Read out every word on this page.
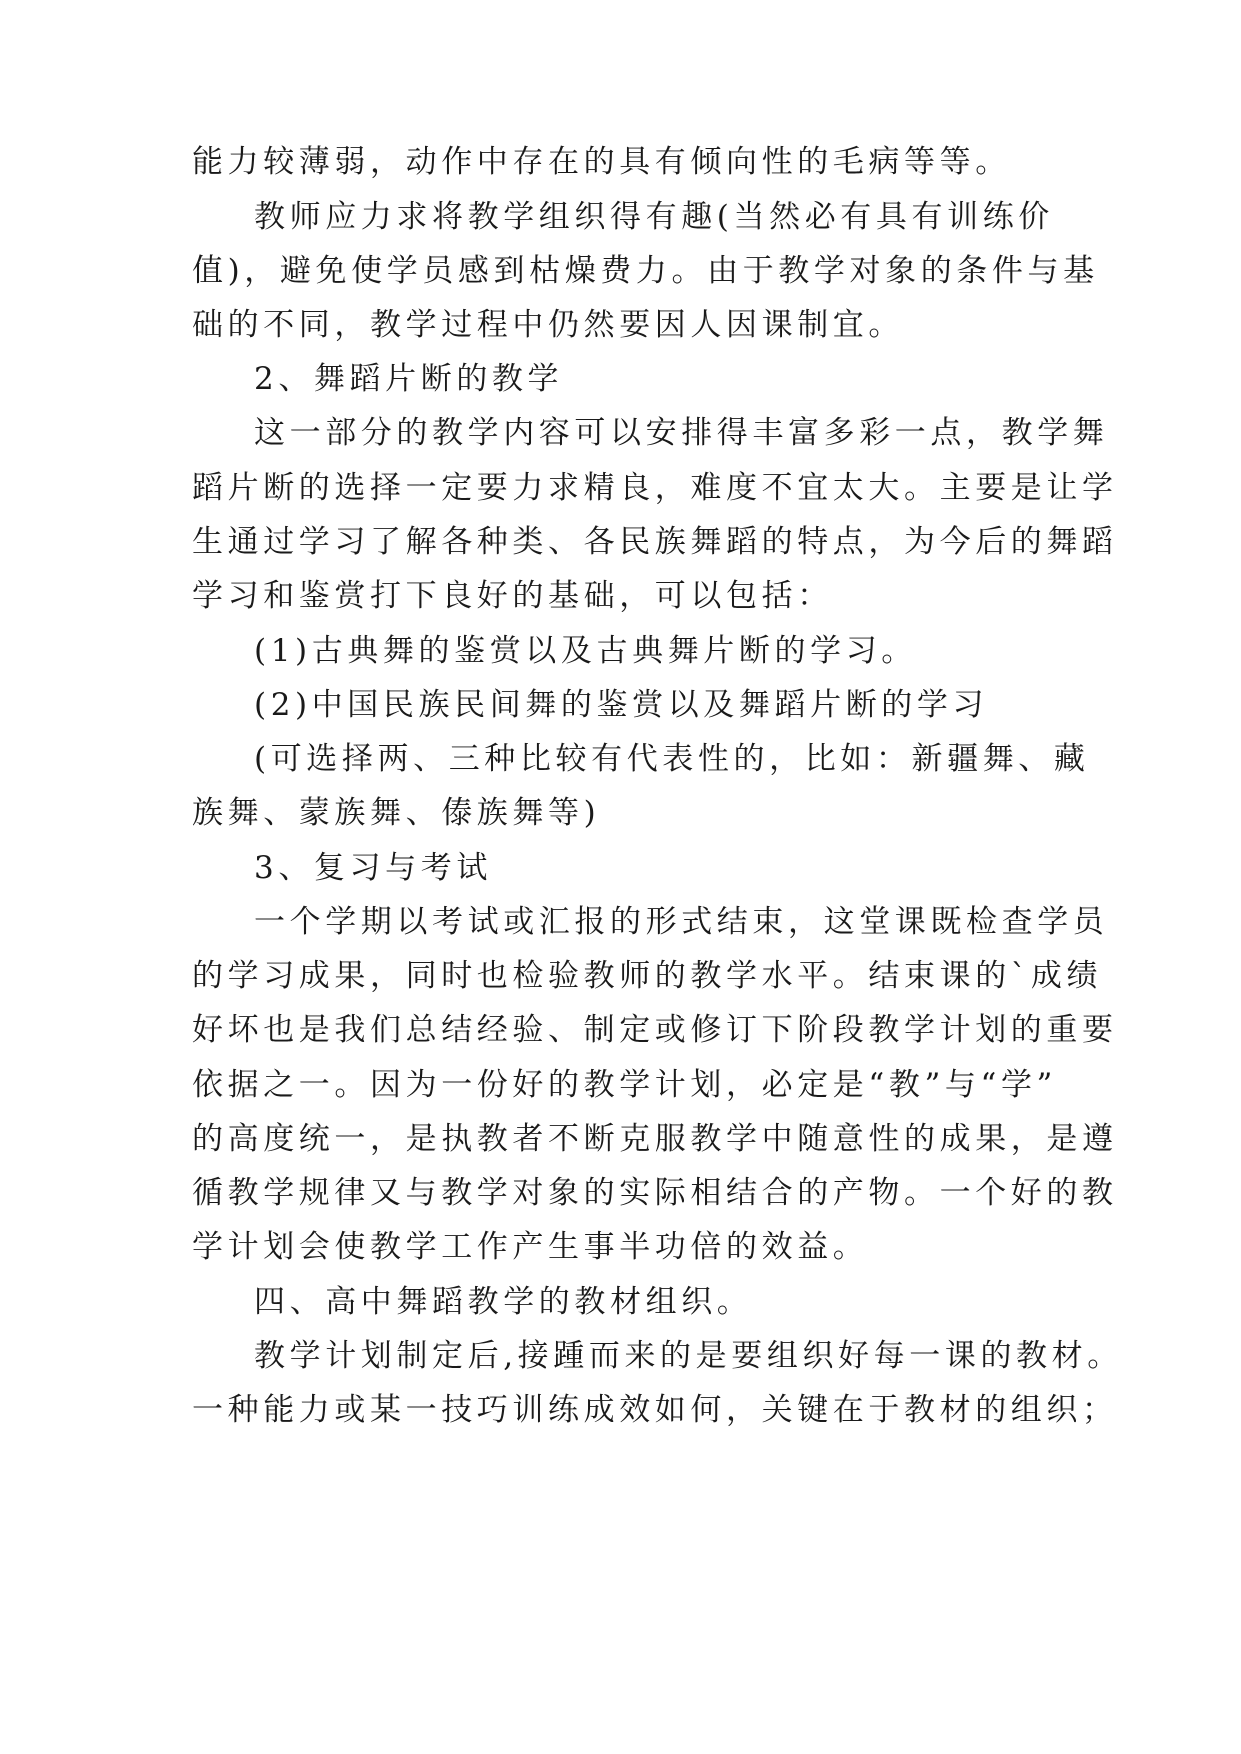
能力较薄弱，动作中存在的具有倾向性的毛病等等。
教师应力求将教学组织得有趣(当然必有具有训练价
值)，避免使学员感到枯燥费力。由于教学对象的条件与基
础的不同，教学过程中仍然要因人因课制宜。
2、舞蹈片断的教学
这一部分的教学内容可以安排得丰富多彩一点，教学舞
蹈片断的选择一定要力求精良，难度不宜太大。主要是让学
生通过学习了解各种类、各民族舞蹈的特点，为今后的舞蹈
学习和鉴赏打下良好的基础，可以包括：
(1)古典舞的鉴赏以及古典舞片断的学习。
(2)中国民族民间舞的鉴赏以及舞蹈片断的学习
(可选择两、三种比较有代表性的，比如：新疆舞、藏
族舞、蒙族舞、傣族舞等)
3、复习与考试
一个学期以考试或汇报的形式结束，这堂课既检查学员
的学习成果，同时也检验教师的教学水平。结束课的`成绩
好坏也是我们总结经验、制定或修订下阶段教学计划的重要
依据之一。因为一份好的教学计划，必定是“教”与“学”
的高度统一，是执教者不断克服教学中随意性的成果，是遵
循教学规律又与教学对象的实际相结合的产物。一个好的教
学计划会使教学工作产生事半功倍的效益。
四、高中舞蹈教学的教材组织。
教学计划制定后,接踵而来的是要组织好每一课的教材。
一种能力或某一技巧训练成效如何，关键在于教材的组织；
